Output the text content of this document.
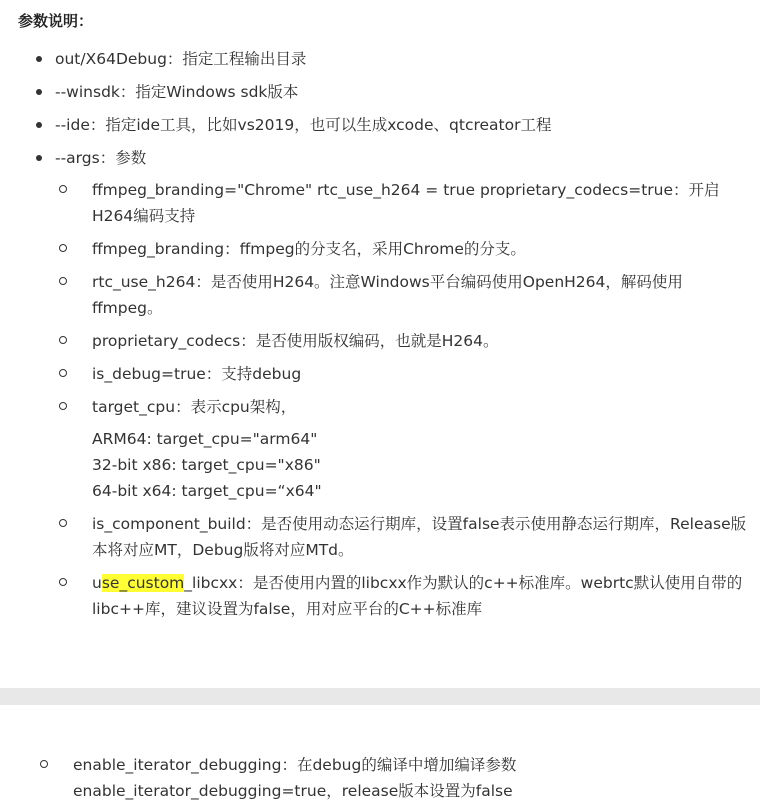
参数说明：
out/X64Debug：指定工程输出目录
--winsdk：指定Windows sdk版本
--ide：指定ide工具，比如vs2019，也可以生成xcode、qtcreator工程
--args：参数
ffmpeg_branding="Chrome" rtc_use_h264 = true proprietary_codecs=true：开启H264编码支持
ffmpeg_branding：ffmpeg的分支名，采用Chrome的分支。
rtc_use_h264：是否使用H264。注意Windows平台编码使用OpenH264，解码使用ffmpeg。
proprietary_codecs：是否使用版权编码，也就是H264。
is_debug=true：支持debug
target_cpu：表示cpu架构，
ARM64: target_cpu="arm64"
32-bit x86: target_cpu="x86"
64-bit x64: target_cpu=“x64"
is_component_build：是否使用动态运行期库，设置false表示使用静态运行期库，Release版本将对应MT，Debug版将对应MTd。
use_custom_libcxx：是否使用内置的libcxx作为默认的c++标准库。webrtc默认使用自带的libc++库，建议设置为false，用对应平台的C++标准库
enable_iterator_debugging：在debug的编译中增加编译参数
enable_iterator_debugging=true，release版本设置为false
